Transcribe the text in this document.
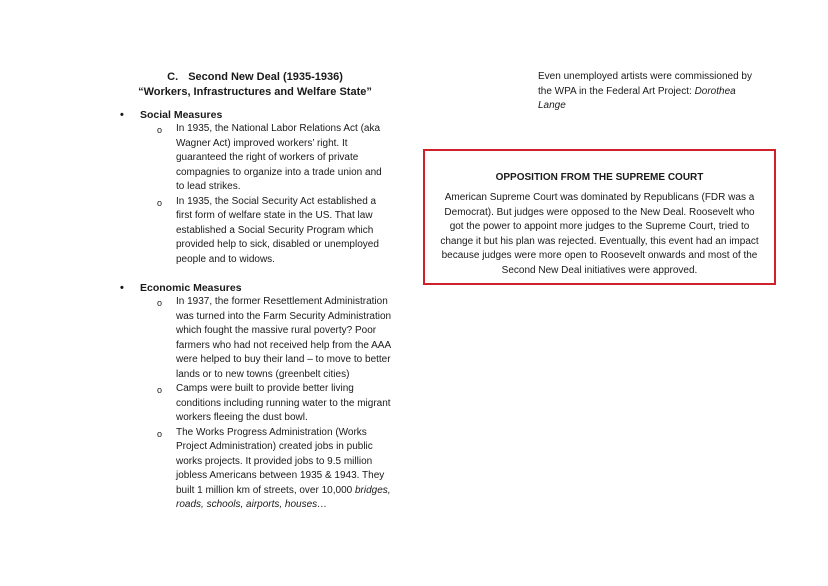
C. Second New Deal (1935-1936)
“Workers, Infrastructures and Welfare State”
• Social Measures
o In 1935, the National Labor Relations Act (aka Wagner Act) improved workers’ right. It guaranteed the right of workers of private compagnies to organize into a trade union and to lead strikes.
o In 1935, the Social Security Act established a first form of welfare state in the US. That law established a Social Security Program which provided help to sick, disabled or unemployed people and to widows.
• Economic Measures
o In 1937, the former Resettlement Administration was turned into the Farm Security Administration which fought the massive rural poverty? Poor farmers who had not received help from the AAA were helped to buy their land – to move to better lands or to new towns (greenbelt cities)
o Camps were built to provide better living conditions including running water to the migrant workers fleeing the dust bowl.
o The Works Progress Administration (Works Project Administration) created jobs in public works projects. It provided jobs to 9.5 million jobless Americans between 1935 & 1943. They built 1 million km of streets, over 10,000 bridges, roads, schools, airports, houses…
Even unemployed artists were commissioned by the WPA in the Federal Art Project: Dorothea Lange
OPPOSITION FROM THE SUPREME COURT
American Supreme Court was dominated by Republicans (FDR was a Democrat). But judges were opposed to the New Deal. Roosevelt who got the power to appoint more judges to the Supreme Court, tried to change it but his plan was rejected. Eventually, this event had an impact because judges were more open to Roosevelt onwards and most of the Second New Deal initiatives were approved.
